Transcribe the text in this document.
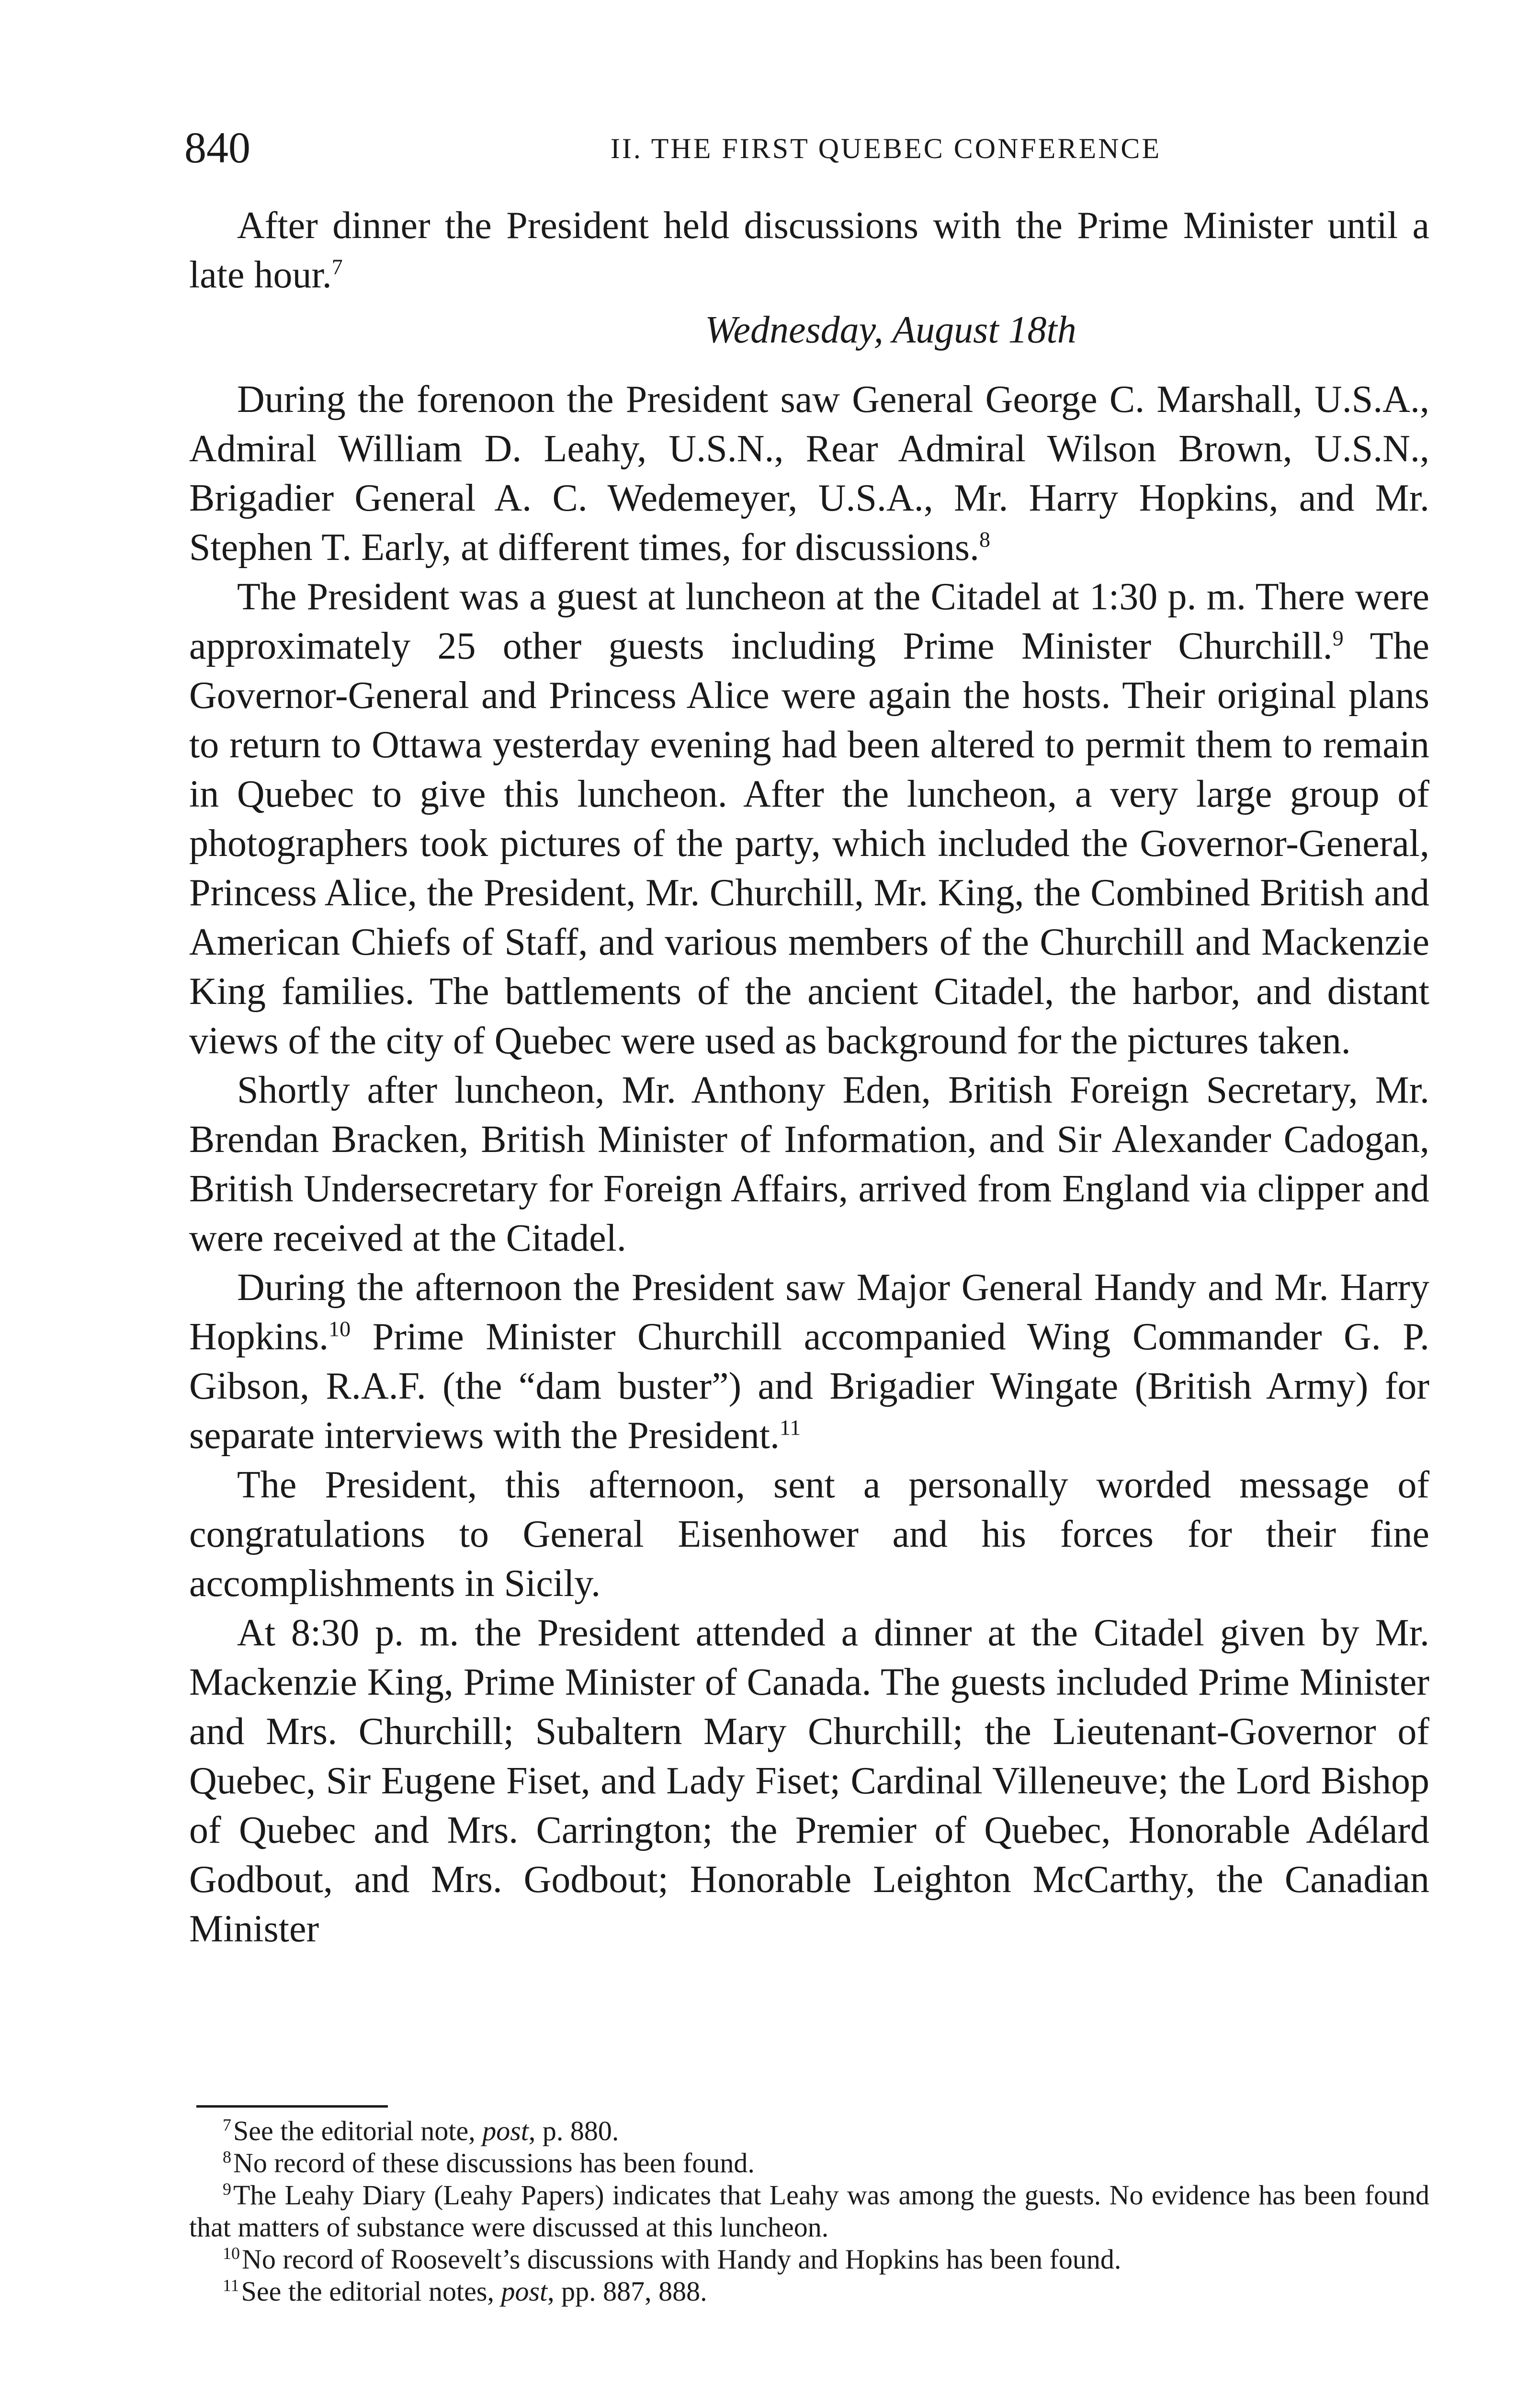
840	II. THE FIRST QUEBEC CONFERENCE

After dinner the President held discussions with the Prime Minister until a late hour.$^7$

Wednesday, August 18th

During the forenoon the President saw General George C. Marshall, U.S.A., Admiral William D. Leahy, U.S.N., Rear Admiral Wilson Brown, U.S.N., Brigadier General A. C. Wedemeyer, U.S.A., Mr. Harry Hopkins, and Mr. Stephen T. Early, at different times, for discussions.$^8$

The President was a guest at luncheon at the Citadel at 1:30 p. m. There were approximately 25 other guests including Prime Minister Churchill.$^9$ The Governor-General and Princess Alice were again the hosts. Their original plans to return to Ottawa yesterday evening had been altered to permit them to remain in Quebec to give this luncheon. After the luncheon, a very large group of photographers took pictures of the party, which included the Governor-General, Princess Alice, the President, Mr. Churchill, Mr. King, the Combined British and American Chiefs of Staff, and various members of the Churchill and Mackenzie King families. The battlements of the ancient Citadel, the harbor, and distant views of the city of Quebec were used as background for the pictures taken.

Shortly after luncheon, Mr. Anthony Eden, British Foreign Secretary, Mr. Brendan Bracken, British Minister of Information, and Sir Alexander Cadogan, British Undersecretary for Foreign Affairs, arrived from England via clipper and were received at the Citadel.

During the afternoon the President saw Major General Handy and Mr. Harry Hopkins.$^{10}$ Prime Minister Churchill accompanied Wing Commander G. P. Gibson, R.A.F. (the “dam buster”) and Brigadier Wingate (British Army) for separate interviews with the President.$^{11}$

The President, this afternoon, sent a personally worded message of congratulations to General Eisenhower and his forces for their fine accomplishments in Sicily.

At 8:30 p. m. the President attended a dinner at the Citadel given by Mr. Mackenzie King, Prime Minister of Canada. The guests included Prime Minister and Mrs. Churchill; Subaltern Mary Churchill; the Lieutenant-Governor of Quebec, Sir Eugene Fiset, and Lady Fiset; Cardinal Villeneuve; the Lord Bishop of Quebec and Mrs. Carrington; the Premier of Quebec, Honorable Adélard Godbout, and Mrs. Godbout; Honorable Leighton McCarthy, the Canadian Minister

$^7$See the editorial note, post, p. 880.

$^8$No record of these discussions has been found.

$^9$The Leahy Diary (Leahy Papers) indicates that Leahy was among the guests. No evidence has been found that matters of substance were discussed at this luncheon.

$^{10}$No record of Roosevelt’s discussions with Handy and Hopkins has been found.

$^{11}$See the editorial notes, post, pp. 887, 888.
